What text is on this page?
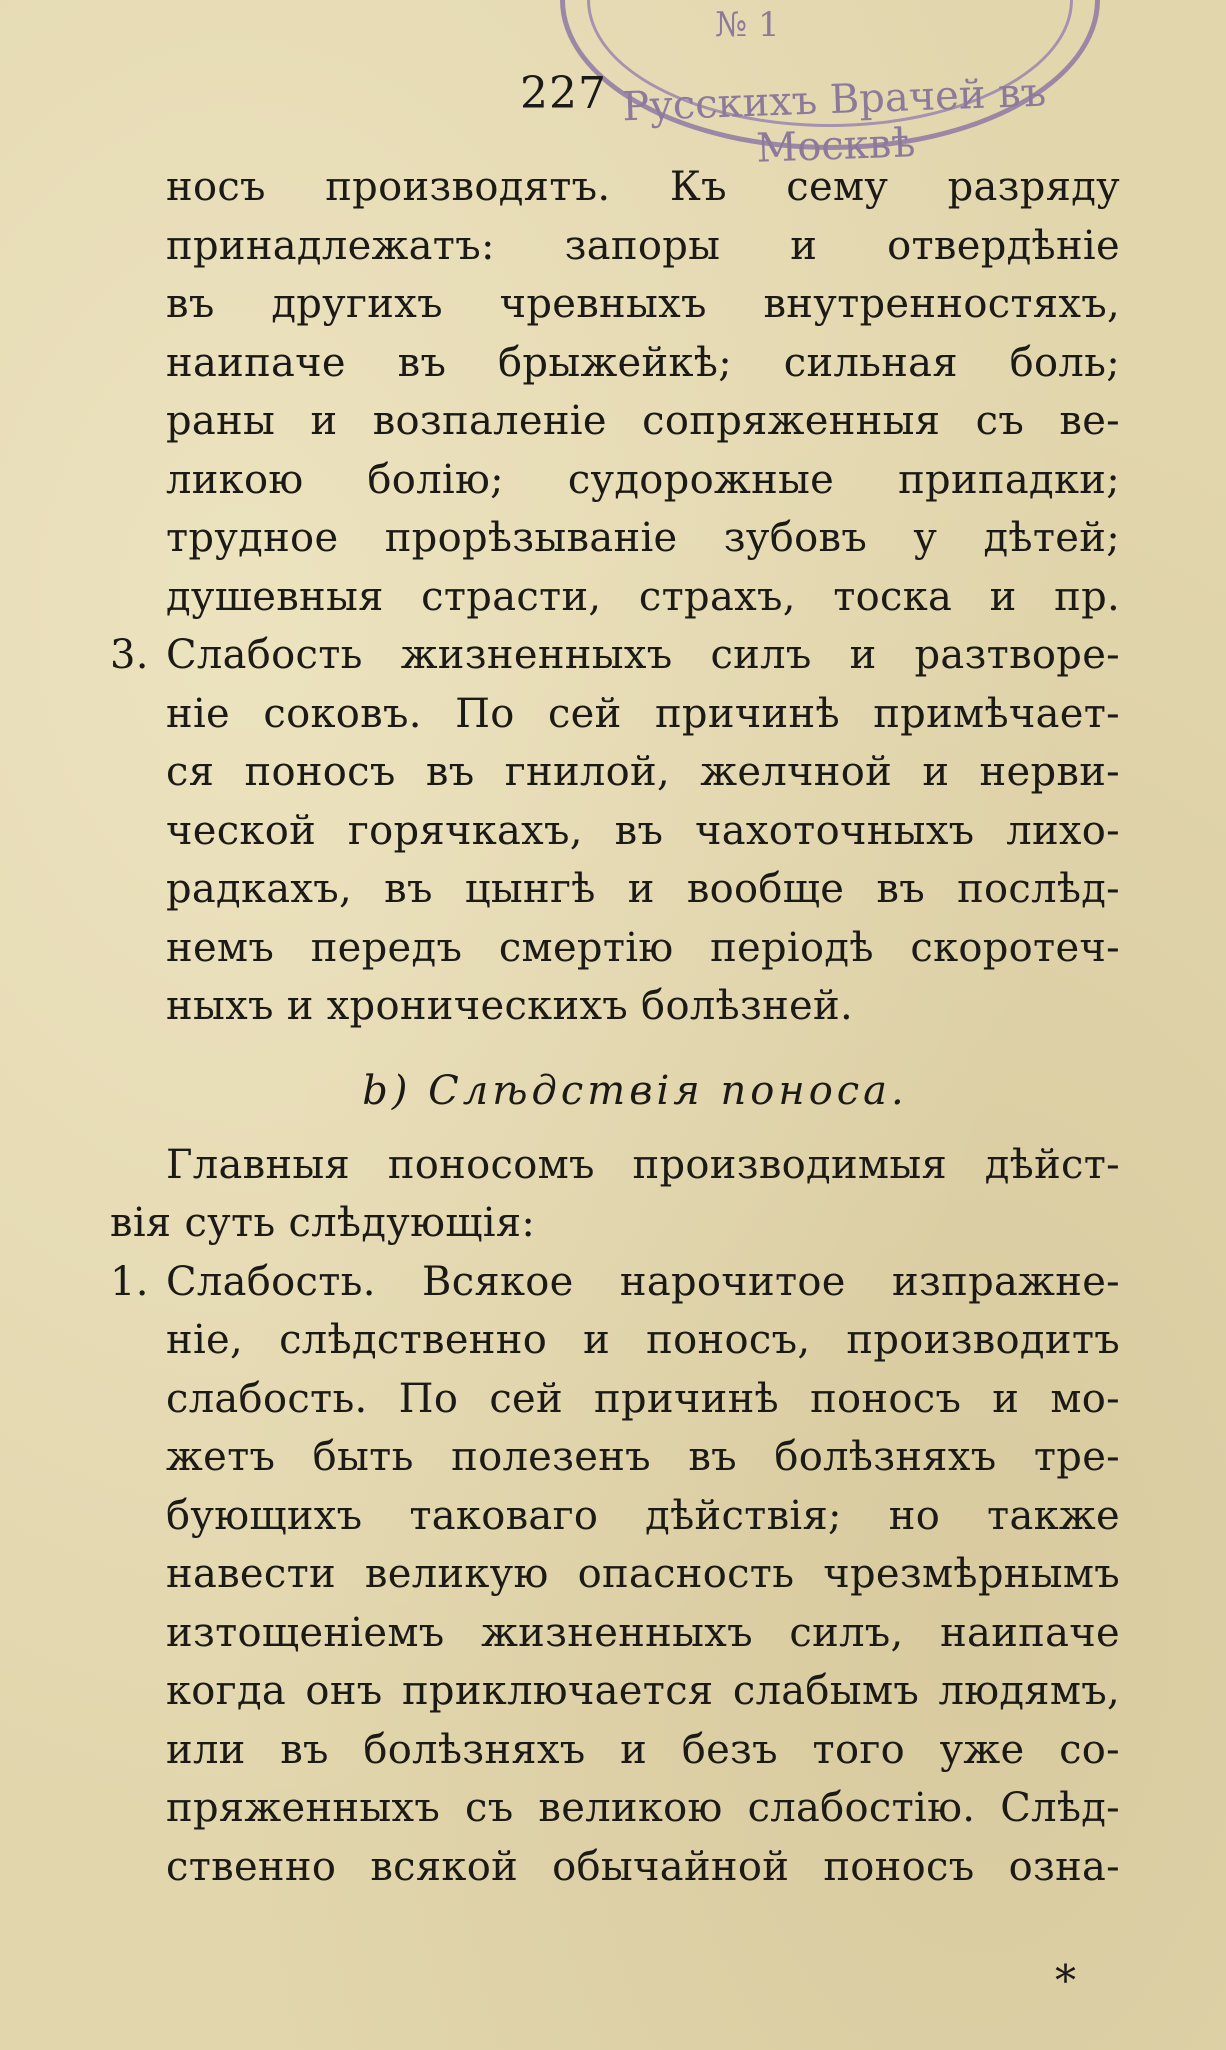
№ 1
Русскихъ Врачей въ Москвѣ
227
носъ производятъ. Къ сему разряду
принадлежатъ: запоры и отвердѣніе
въ другихъ чревныхъ внутренностяхъ,
наипаче въ брыжейкѣ; сильная боль;
раны и возпаленіе сопряженныя съ ве-
ликою болію; судорожные припадки;
трудное прорѣзываніе зубовъ у дѣтей;
душевныя страсти, страхъ, тоска и пр.
3. Слабость жизненныхъ силъ и разтворе-
ніе соковъ. По сей причинѣ примѣчает-
ся поносъ въ гнилой, желчной и нерви-
ческой горячкахъ, въ чахоточныхъ лихо-
радкахъ, въ цынгѣ и вообще въ послѣд-
немъ передъ смертію періодѣ скоротеч-
ныхъ и хроническихъ болѣзней.
b) Слѣдствія поноса.
Главныя поносомъ производимыя дѣйст-
вія суть слѣдующія:
1. Слабость. Всякое нарочитое изпражне-
ніе, слѣдственно и поносъ, производитъ
слабость. По сей причинѣ поносъ и мо-
жетъ быть полезенъ въ болѣзняхъ тре-
бующихъ таковаго дѣйствія; но также
навести великую опасность чрезмѣрнымъ
изтощеніемъ жизненныхъ силъ, наипаче
когда онъ приключается слабымъ людямъ,
или въ болѣзняхъ и безъ того уже со-
пряженныхъ съ великою слабостію. Слѣд-
ственно всякой обычайной поносъ озна-
*
